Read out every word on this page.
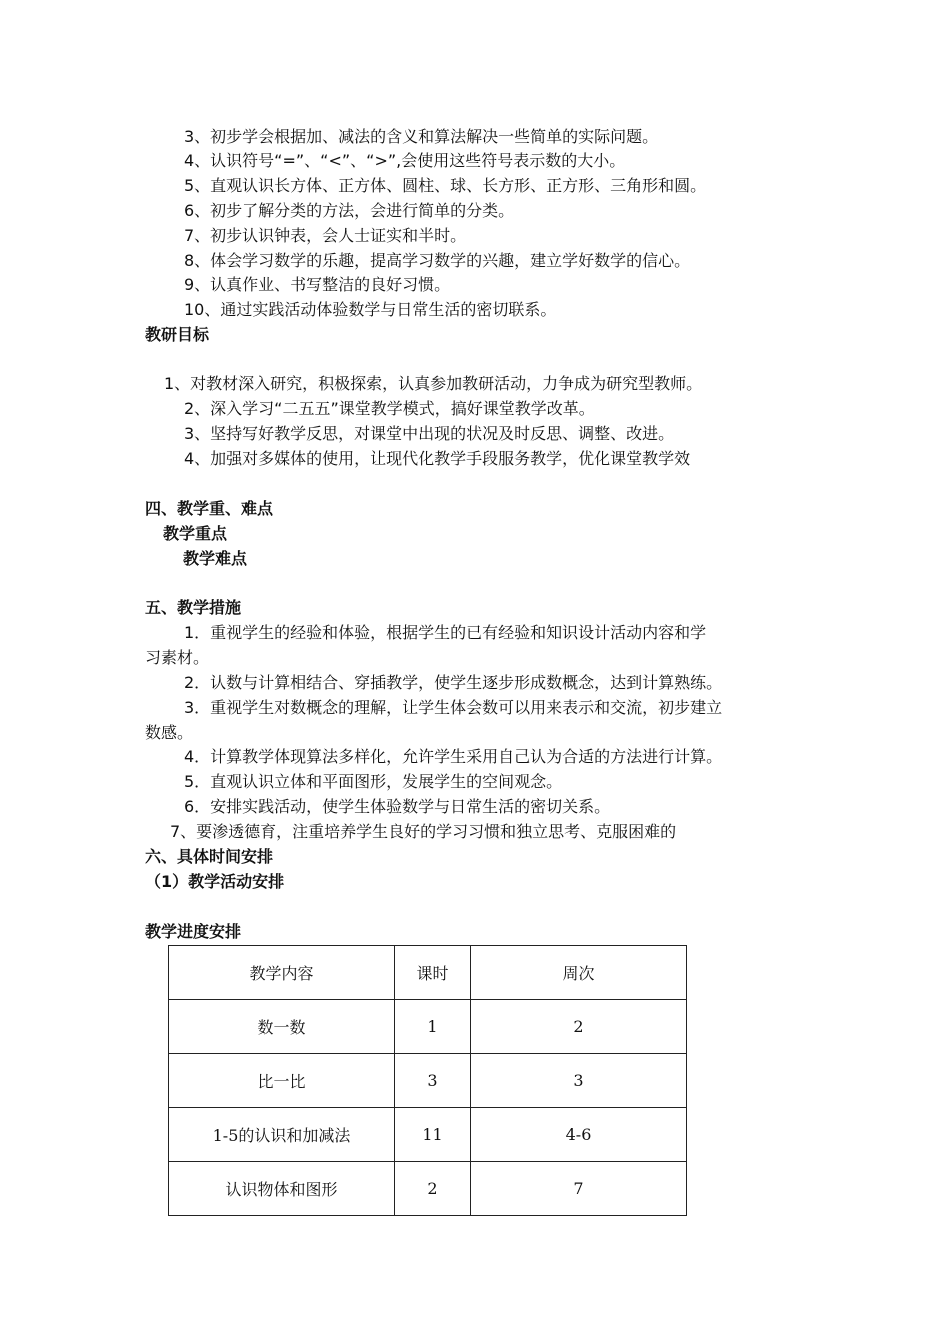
3、初步学会根据加、减法的含义和算法解决一些简单的实际问题。
4、认识符号“=”、“<”、“>”,会使用这些符号表示数的大小。
5、直观认识长方体、正方体、圆柱、球、长方形、正方形、三角形和圆。
6、初步了解分类的方法，会进行简单的分类。
7、初步认识钟表，会人士证实和半时。
8、体会学习数学的乐趣，提高学习数学的兴趣，建立学好数学的信心。
9、认真作业、书写整洁的良好习惯。
10、通过实践活动体验数学与日常生活的密切联系。
教研目标
1、对教材深入研究，积极探索，认真参加教研活动，力争成为研究型教师。
2、深入学习“二五五”课堂教学模式，搞好课堂教学改革。
3、坚持写好教学反思，对课堂中出现的状况及时反思、调整、改进。
4、加强对多媒体的使用，让现代化教学手段服务教学，优化课堂教学效
四、教学重、难点
教学重点
教学难点
五、教学措施
1．重视学生的经验和体验，根据学生的已有经验和知识设计活动内容和学
习素材。
2．认数与计算相结合、穿插教学，使学生逐步形成数概念，达到计算熟练。
3．重视学生对数概念的理解，让学生体会数可以用来表示和交流，初步建立
数感。
4．计算教学体现算法多样化，允许学生采用自己认为合适的方法进行计算。
5．直观认识立体和平面图形，发展学生的空间观念。
6．安排实践活动，使学生体验数学与日常生活的密切关系。
7、要渗透德育，注重培养学生良好的学习习惯和独立思考、克服困难的
六、具体时间安排
（1）教学活动安排
教学进度安排
教学内容	课时	周次
数一数	1	2
比一比	3	3
1-5的认识和加减法	11	4-6
认识物体和图形	2	7
